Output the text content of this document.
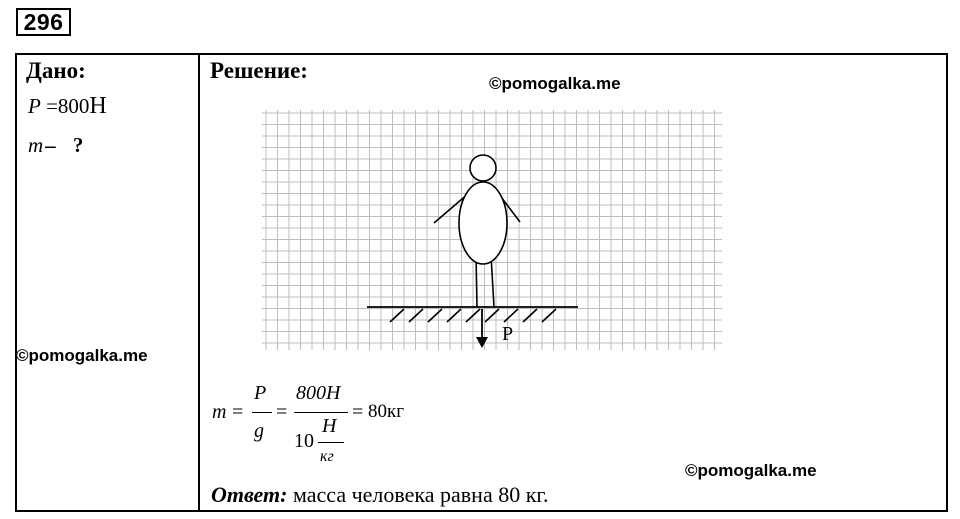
296
Дано:	Решение:
P =800Н
m– ?
©pomogalka.me
©pomogalka.me
©pomogalka.me
P
m =
P
g
=
800H
10
H
кг
= 80кг
Ответ: масса человека равна 80 кг.
